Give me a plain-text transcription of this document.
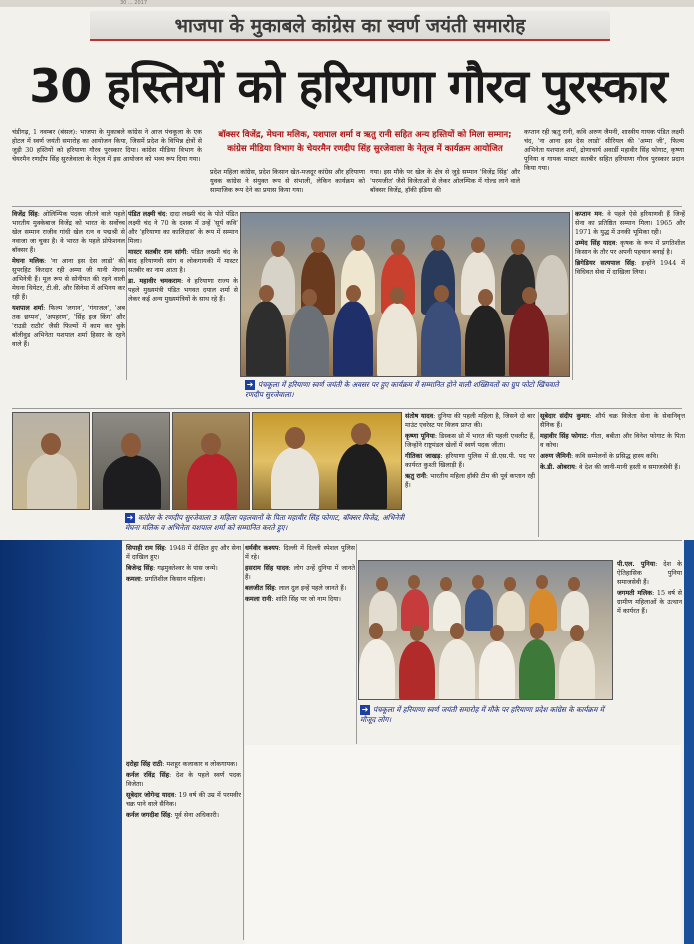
30 ... 2017
भाजपा के मुकाबले कांग्रेस का स्वर्ण जयंती समारोह
30 हस्तियों को हरियाणा गौरव पुरस्कार
बॉक्सर विजेंद्र, मेघना मलिक, यशपाल शर्मा व ऋतु रानी सहित अन्य हस्तियों को मिला सम्मान;
कांग्रेस मीडिया विभाग के चेयरमैन रणदीप सिंह सुरजेवाला के नेतृत्व में कार्यक्रम आयोजित
चंडीगढ़, 1 नवम्बर (बंसल): भाजपा के मुकाबले कांग्रेस ने आज पंचकूला के एक होटल में स्वर्ण जयंती समारोह का आयोजन किया, जिसमें प्रदेश के विभिन्न क्षेत्रों से जुड़ी 30 हस्तियों को हरियाणा गौरव पुरस्कार दिया। कांग्रेस मीडिया विभाग के चेयरमैन रणदीप सिंह सुरजेवाला के नेतृत्व में इस आयोजन को भव्य रूप दिया गया।
प्रदेश महिला कांग्रेस, प्रदेश किसान खेत-मजदूर कांग्रेस और हरियाणा युवक कांग्रेस ने संयुक्त रूप से संभाली, लेकिन कार्यक्रम को सामाजिक रूप देने का प्रयास किया गया।
गया। इस मौके पर खेल के क्षेत्र से जुड़े सम्मान 'विजेंद्र सिंह' और 'परमजीत' जैसे विजेताओं से लेकर ओलम्पिक में गोल्ड लाने वाले बॉक्सर विजेंद्र, हॉकी इंडिया की
कप्तान रही ऋतु रानी, कवि अरुण जैमनी, शास्त्रीय गायक पंडित लक्ष्मी चंद, 'ना आना इस देस लाडो' सीरियल की 'अम्मा जी', फिल्म अभिनेता यशपाल शर्मा, द्रोणाचार्य अवार्डी महावीर सिंह फोगाट, कृष्णा पूनिया व गायक मास्टर सतबीर सहित हरियाणा गौरव पुरस्कार प्रदान किया गया।

विजेंद्र सिंह: ओलिम्पिक पदक जीतने वाले पहले भारतीय मुक्केबाज विजेंद्र को भारत के सर्वोच्च खेल सम्मान राजीव गांधी खेल रत्न व पद्मश्री से नवाजा जा चुका है। वे भारत के पहले प्रोफेशनल बॉक्सर हैं।

मेघना मलिक: 'ना आना इस देस लाडो' की सुपरहिट किरदार रही अम्मा जी यानी मेघना अभिनेत्री हैं। मूल रूप से सोनीपत की रहने वाली मेघना थियेटर, टी.वी. और सिनेमा में अभिनय कर रही हैं।

यशपाल शर्मा: फिल्म 'लगान', 'गंगाजल', 'अब तक छप्पन', 'अपहरण', 'सिंह इज किंग' और 'राउडी राठौर' जैसी फिल्मों में काम कर चुके बॉलीवुड अभिनेता यशपाल शर्मा हिसार के रहने वाले हैं।

पंडित लक्ष्मी चंद: दादा लख्मी चंद के पोते पंडित लक्ष्मी चंद ने 70 के दशक में उन्हें 'सूर्य कवि' और 'हरियाणा का कालिदास' के रूप में सम्मान मिला।

मास्टर सतबीर राम सांगी: पंडित लख्मी चंद के बाद हरियाणवी सांग व लोकगायकी में मास्टर सतबीर का नाम आता है।

डा. महावीर चमकराम: वे हरियाणा राज्य के पहले मुख्यमंत्री पंडित भगवत दयाल शर्मा से लेकर कई अन्य मुख्यमंत्रियों के साथ रहे हैं।

कप्तान मन: वे पहले ऐसे हरियाणवी हैं जिन्हें सेना का प्रतिष्ठित सम्मान मिला। 1965 और 1971 के युद्ध में उनकी भूमिका रही।

उम्मेद सिंह यादव: कृषक के रूप में प्रगतिशील किसान के तौर पर अपनी पहचान बनाई है।

ब्रिगेडियर सत्यपाल सिंह: इन्होंने 1944 में विधिवत सेवा में दाखिला लिया।

➜ पंचकूला में हरियाणा स्वर्ण जयंती के अवसर पर हुए कार्यक्रम में सम्मानित होने वाली शख्सियतों का ग्रुप फोटो खिंचवाते रणदीप सुरजेवाला।

संतोष यादव: दुनिया की पहली महिला है, जिसने दो बार माउंट एवरेस्ट पर विजय प्राप्त की।

कृष्णा पूनिया: डिस्कस थ्रो में भारत की पहली एथलीट हैं, जिन्होंने राष्ट्रमंडल खेलों में स्वर्ण पदक जीता।

गीतिका जाखड़: हरियाणा पुलिस में डी.एस.पी. पद पर कार्यरत कुश्ती खिलाड़ी हैं।

ऋतु रानी: भारतीय महिला हॉकी टीम की पूर्व कप्तान रही हैं।

सूबेदार संदीप कुमार: शौर्य चक्र विजेता सेना के सेवानिवृत्त सैनिक हैं।

महावीर सिंह फोगाट: गीता, बबीता और विनेश फोगाट के पिता व कोच।

अरुण जैमिनी: कवि सम्मेलनों के प्रसिद्ध हास्य कवि।

के.डी. ओबराय: वे देश की जानी-मानी हस्ती व समाजसेवी हैं।

➜ कांग्रेस के रणदीप सुरजेवाला 3 महिला पहलवानों के पिता महावीर सिंह फोगाट, बॉक्सर विजेंद्र, अभिनेत्री मेघना मलिक व अभिनेता यशपाल शर्मा को सम्मानित करते हुए।

सिपाही राम सिंह: 1948 में दीक्षित हुए और सेना में दाखिल हुए।

बिजेन्द्र सिंह: गढ़मुक्तेश्वर के पास जन्मे।

कमला: प्रगतिशील किसान महिला।

धर्मवीर कश्यप: दिल्ली में दिल्ली स्पेशल पुलिस में रहे।

हसराम सिंह यादव: लोग उन्हें दुनिया में जानते हैं।

बलजीत सिंह: लाल दुल इन्हें पहले जानते हैं।

कमला रानी: शांति सिंह पर जो नाम दिया।

पी.एल. पुनिया: देश के ऐतिहासिक पुनिया समाजसेवी हैं।

जगमती मलिक: 15 वर्ष से ग्रामीण महिलाओं के उत्थान में कार्यरत हैं।

➜ पंचकूला में हरियाणा स्वर्ण जयंती समारोह में मौके पर हरियाणा प्रदेश कांग्रेस के कार्यक्रम में मौजूद लोग।

दरोहा सिंह राठी: मशहूर कलाकार व लोकगायक।

कर्नल रविंद्र सिंह: देश के पहले स्वर्ण पदक विजेता।

सूबेदार जोगेन्द्र यादव: 19 वर्ष की उम्र में परमवीर चक्र पाने वाले सैनिक।

कर्नल जगदीश सिंह: पूर्व सेना अधिकारी।
